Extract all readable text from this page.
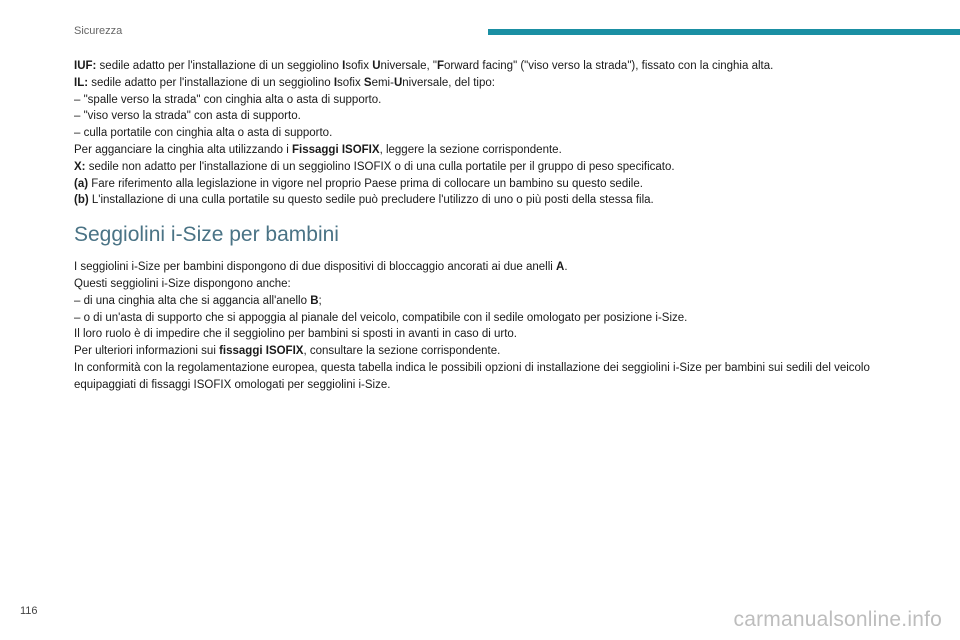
Sicurezza

IUF: sedile adatto per l'installazione di un seggiolino Isofix Universale, "Forward facing" ("viso verso la strada"), fissato con la cinghia alta.

IL: sedile adatto per l'installazione di un seggiolino Isofix Semi-Universale, del tipo:

– "spalle verso la strada" con cinghia alta o asta di supporto.

– "viso verso la strada" con asta di supporto.

– culla portatile con cinghia alta o asta di supporto.

Per agganciare la cinghia alta utilizzando i Fissaggi ISOFIX, leggere la sezione corrispondente.

X: sedile non adatto per l'installazione di un seggiolino ISOFIX o di una culla portatile per il gruppo di peso specificato.

(a) Fare riferimento alla legislazione in vigore nel proprio Paese prima di collocare un bambino su questo sedile.

(b) L'installazione di una culla portatile su questo sedile può precludere l'utilizzo di uno o più posti della stessa fila.

Seggiolini i-Size per bambini

I seggiolini i-Size per bambini dispongono di due dispositivi di bloccaggio ancorati ai due anelli A.

Questi seggiolini i-Size dispongono anche:

– di una cinghia alta che si aggancia all'anello B;

– o di un'asta di supporto che si appoggia al pianale del veicolo, compatibile con il sedile omologato per posizione i-Size.

Il loro ruolo è di impedire che il seggiolino per bambini si sposti in avanti in caso di urto.

Per ulteriori informazioni sui fissaggi ISOFIX, consultare la sezione corrispondente.

In conformità con la regolamentazione europea, questa tabella indica le possibili opzioni di installazione dei seggiolini i-Size per bambini sui sedili del veicolo equipaggiati di fissaggi ISOFIX omologati per seggiolini i-Size.

116	carmanualsonline.info
